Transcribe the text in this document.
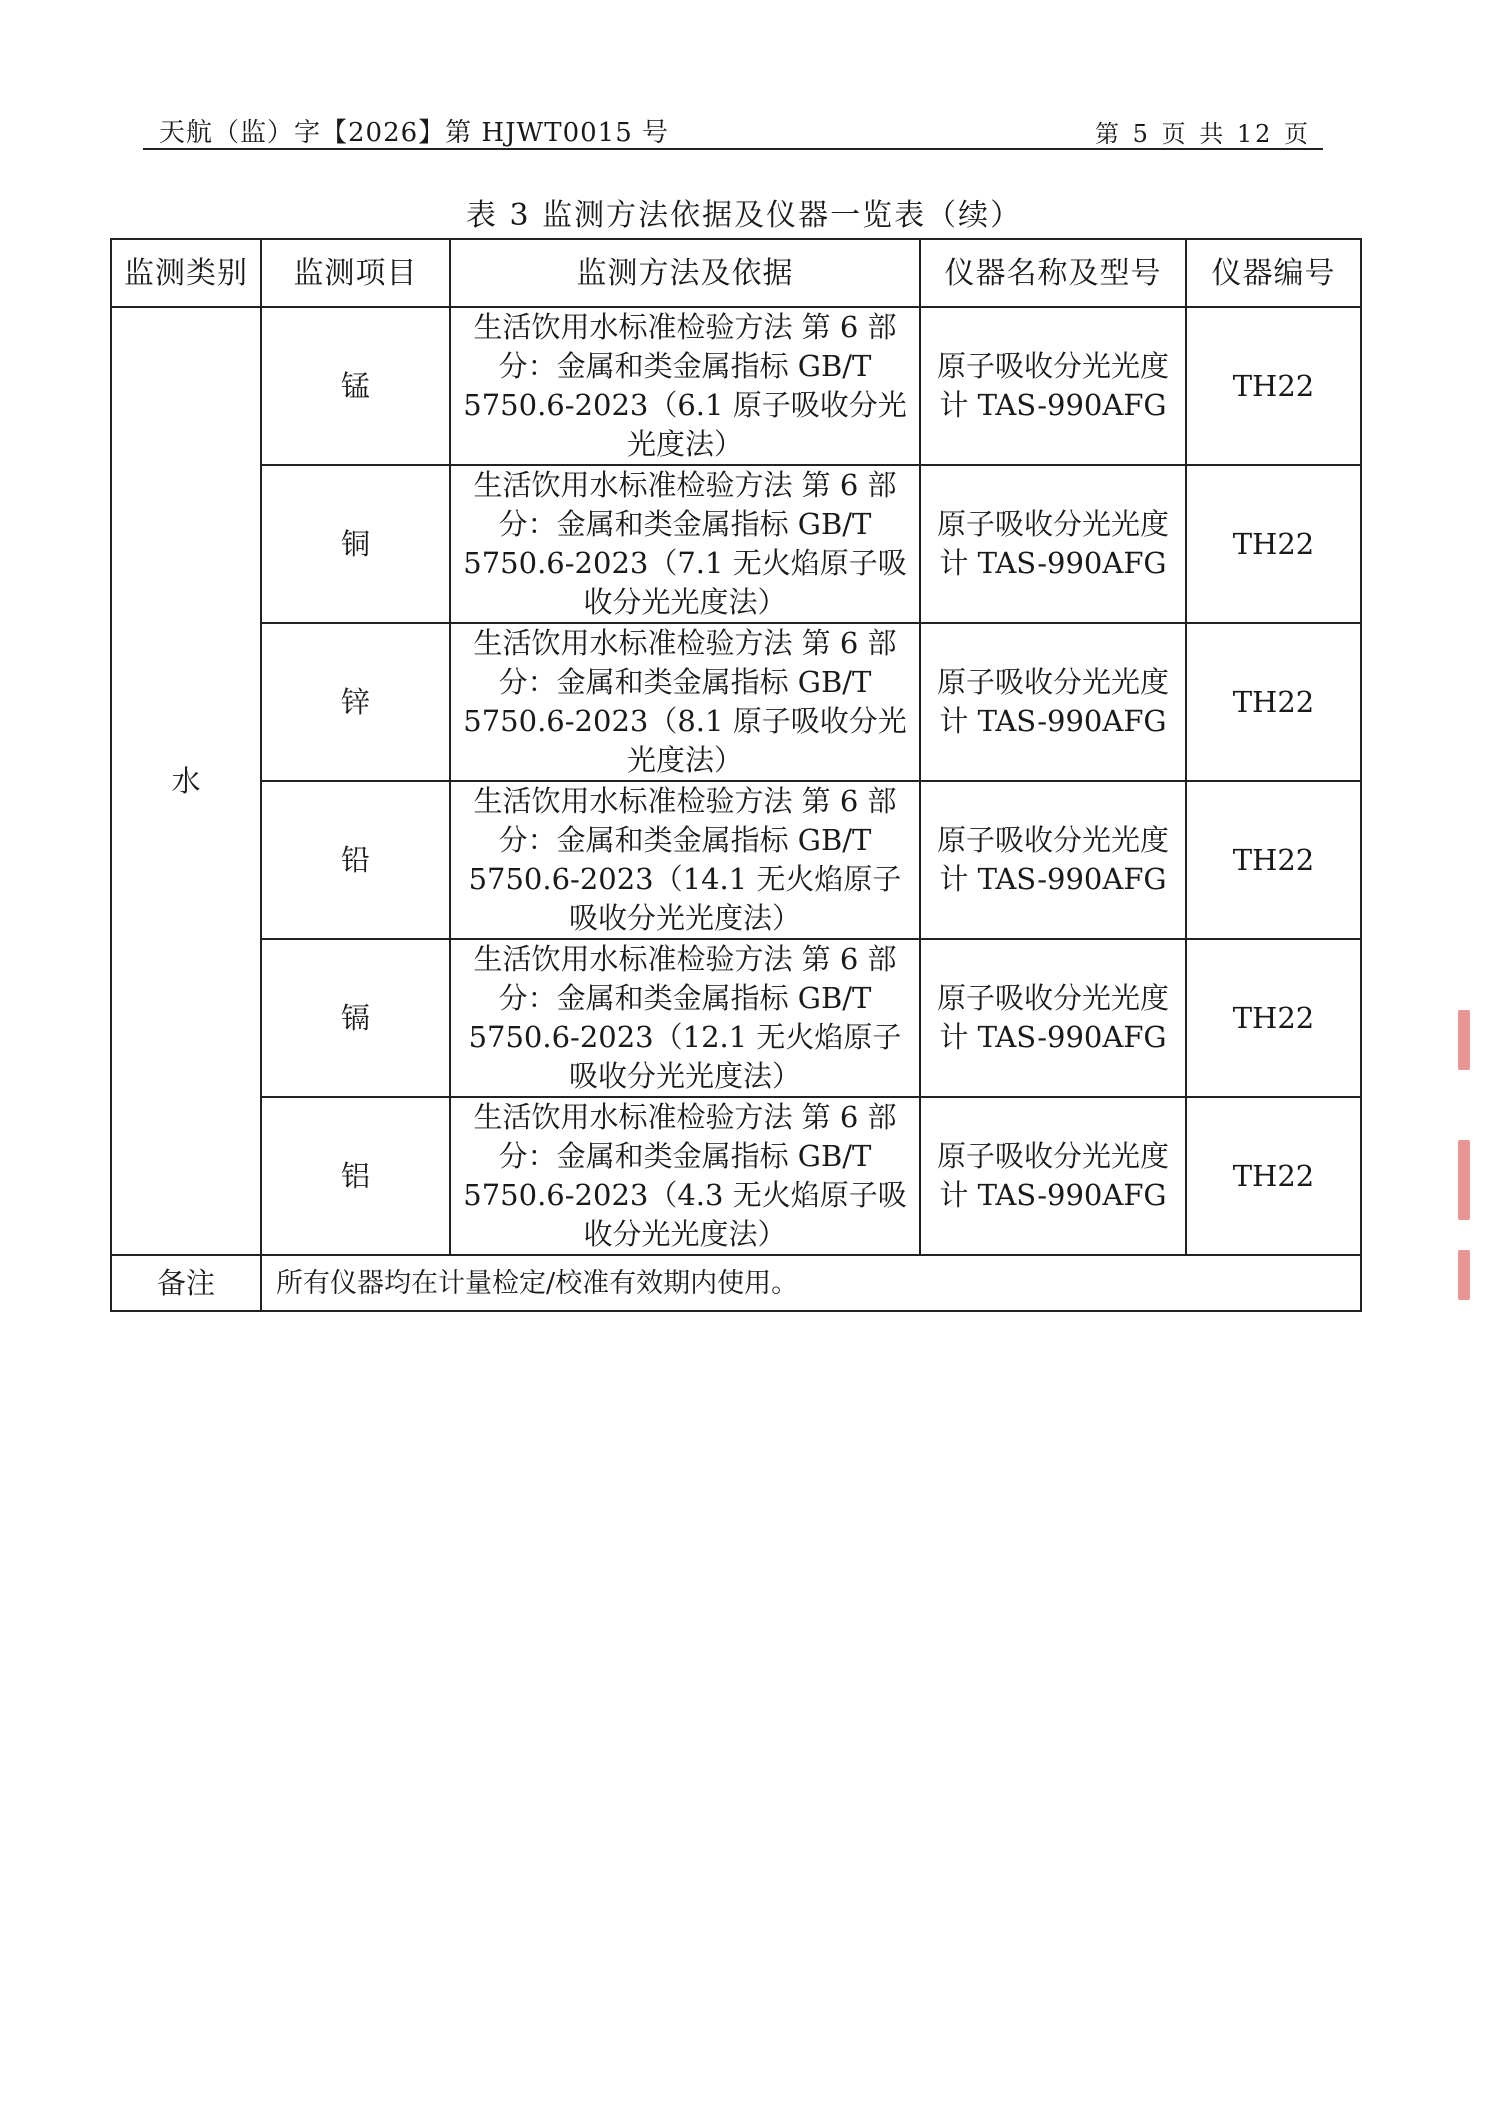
天航（监）字【2026】第 HJWT0015 号	第 5 页 共 12 页
表 3 监测方法依据及仪器一览表（续）
监测类别	监测项目	监测方法及依据	仪器名称及型号	仪器编号
水	锰	生活饮用水标准检验方法 第 6 部分：金属和类金属指标 GB/T 5750.6-2023（6.1 原子吸收分光光度法）	原子吸收分光光度计 TAS-990AFG	TH22
	铜	生活饮用水标准检验方法 第 6 部分：金属和类金属指标 GB/T 5750.6-2023（7.1 无火焰原子吸收分光光度法）	原子吸收分光光度计 TAS-990AFG	TH22
	锌	生活饮用水标准检验方法 第 6 部分：金属和类金属指标 GB/T 5750.6-2023（8.1 原子吸收分光光度法）	原子吸收分光光度计 TAS-990AFG	TH22
	铅	生活饮用水标准检验方法 第 6 部分：金属和类金属指标 GB/T 5750.6-2023（14.1 无火焰原子吸收分光光度法）	原子吸收分光光度计 TAS-990AFG	TH22
	镉	生活饮用水标准检验方法 第 6 部分：金属和类金属指标 GB/T 5750.6-2023（12.1 无火焰原子吸收分光光度法）	原子吸收分光光度计 TAS-990AFG	TH22
	铝	生活饮用水标准检验方法 第 6 部分：金属和类金属指标 GB/T 5750.6-2023（4.3 无火焰原子吸收分光光度法）	原子吸收分光光度计 TAS-990AFG	TH22
备注	所有仪器均在计量检定/校准有效期内使用。			
